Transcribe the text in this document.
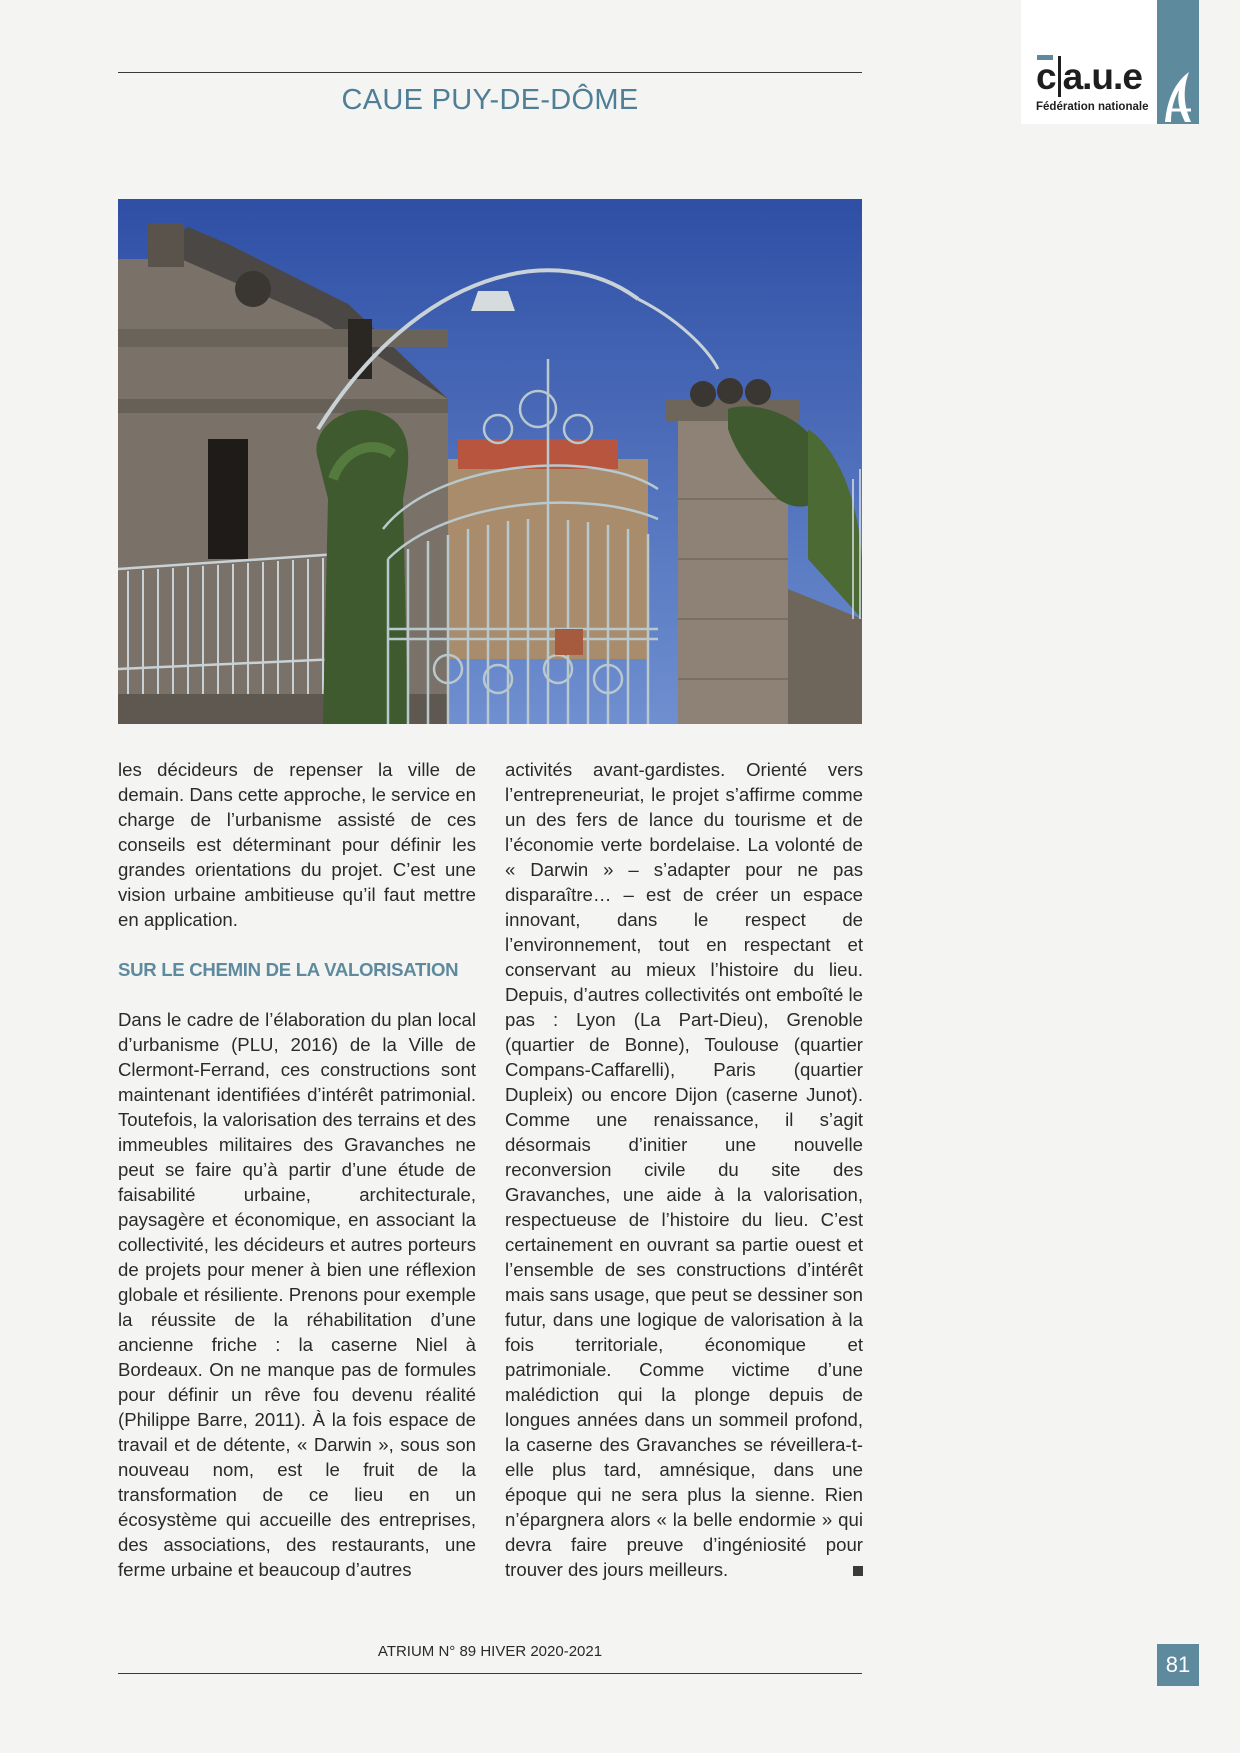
CAUE PUY-DE-DÔME
c a.u.e
Fédération nationale

les décideurs de repenser la ville de demain. Dans cette approche, le service en charge de l’urbanisme assisté de ces conseils est déterminant pour définir les grandes orientations du projet. C’est une vision urbaine ambitieuse qu’il faut mettre en application.

SUR LE CHEMIN DE LA VALORISATION

Dans le cadre de l’élaboration du plan local d’urbanisme (PLU, 2016) de la Ville de Clermont-Ferrand, ces constructions sont maintenant identifiées d’intérêt patrimonial. Toutefois, la valorisation des terrains et des immeubles militaires des Gravanches ne peut se faire qu’à partir d’une étude de faisabilité urbaine, architecturale, paysagère et économique, en associant la collectivité, les décideurs et autres porteurs de projets pour mener à bien une réflexion globale et résiliente. Prenons pour exemple la réussite de la réhabilitation d’une ancienne friche : la caserne Niel à Bordeaux. On ne manque pas de formules pour définir un rêve fou devenu réalité (Philippe Barre, 2011). À la fois espace de travail et de détente, « Darwin », sous son nouveau nom, est le fruit de la transformation de ce lieu en un écosystème qui accueille des entreprises, des associations, des restaurants, une ferme urbaine et beaucoup d’autres

activités avant-gardistes. Orienté vers l’entrepreneuriat, le projet s’affirme comme un des fers de lance du tourisme et de l’économie verte bordelaise. La volonté de « Darwin » – s’adapter pour ne pas disparaître… – est de créer un espace innovant, dans le respect de l’environnement, tout en respectant et conservant au mieux l’histoire du lieu. Depuis, d’autres collectivités ont emboîté le pas : Lyon (La Part-Dieu), Grenoble (quartier de Bonne), Toulouse (quartier Compans-Caffarelli), Paris (quartier Dupleix) ou encore Dijon (caserne Junot). Comme une renaissance, il s’agit désormais d’initier une nouvelle reconversion civile du site des Gravanches, une aide à la valorisation, respectueuse de l’histoire du lieu. C’est certainement en ouvrant sa partie ouest et l’ensemble de ses constructions d’intérêt mais sans usage, que peut se dessiner son futur, dans une logique de valorisation à la fois territoriale, économique et patrimoniale. Comme victime d’une malédiction qui la plonge depuis de longues années dans un sommeil profond, la caserne des Gravanches se réveillera-t-elle plus tard, amnésique, dans une époque qui ne sera plus la sienne. Rien n’épargnera alors « la belle endormie » qui devra faire preuve d’ingéniosité pour trouver des jours meilleurs.

ATRIUM N° 89 HIVER 2020-2021
81
